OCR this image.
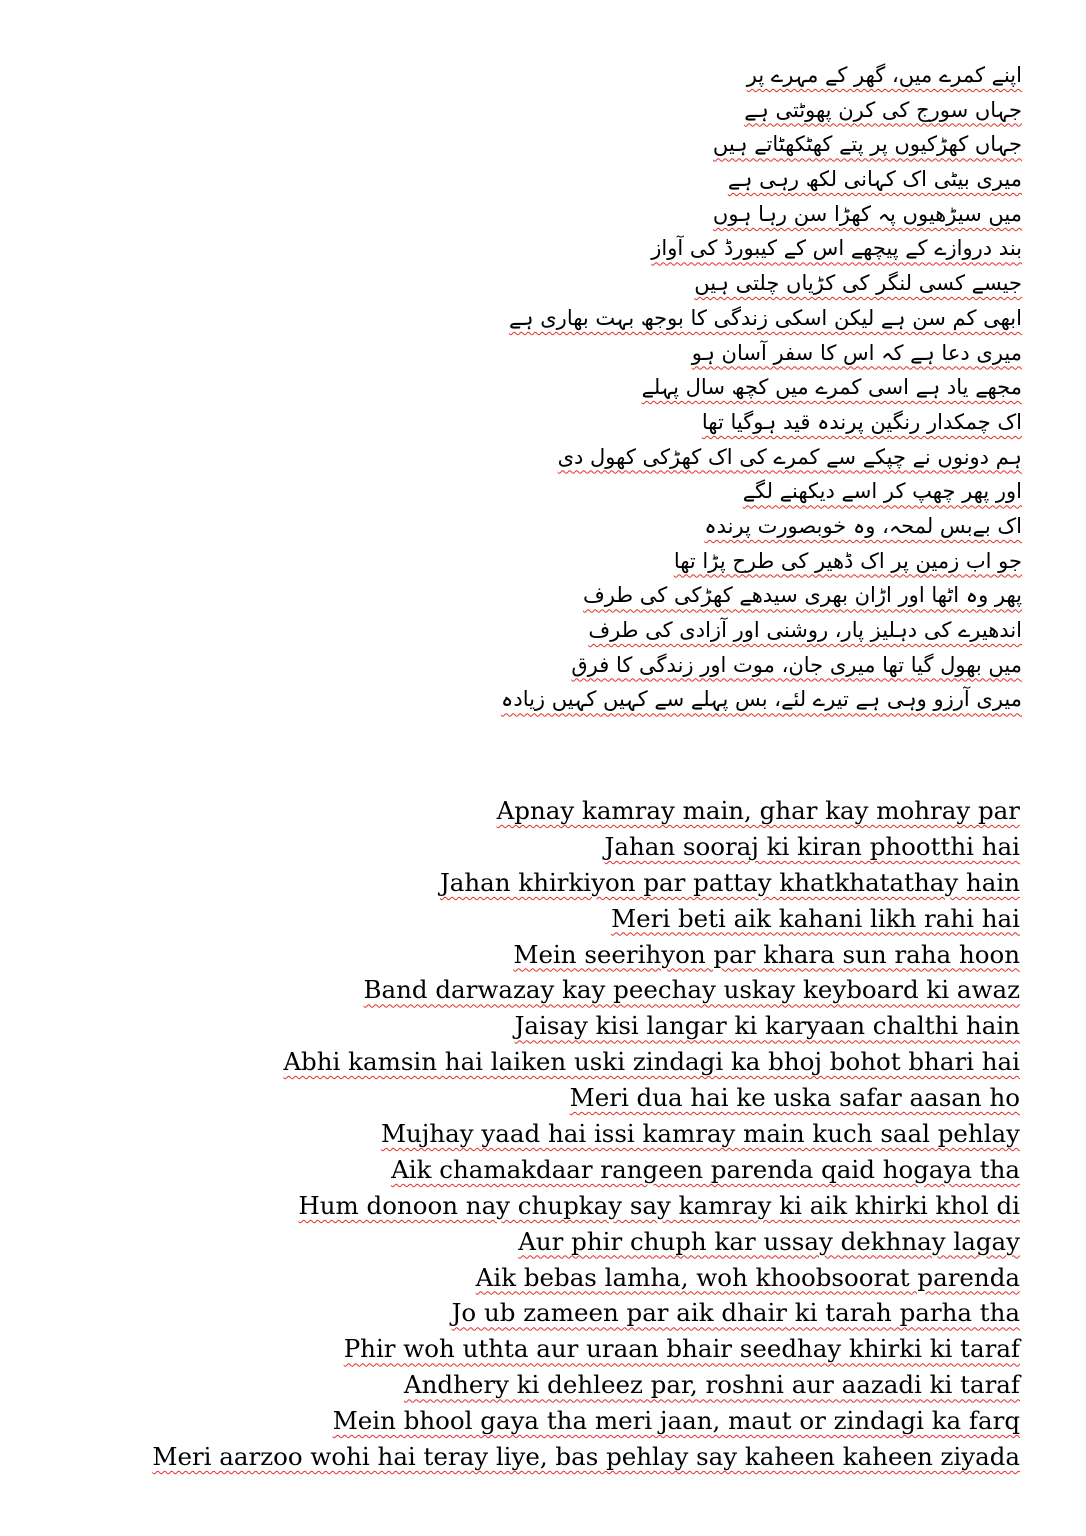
اپنے کمرے میں، گھر کے مہرے پر
جہاں سورج کی کرن پھوٹتی ہے
جہاں کھڑکیوں پر پتے کھٹکھٹاتے ہیں
میری بیٹی اک کہانی لکھ رہی ہے
میں سیڑھیوں پہ کھڑا سن رہا ہوں
بند دروازے کے پیچھے اس کے کیبورڈ کی آواز
جیسے کسی لنگر کی کڑیاں چلتی ہیں
ابھی کم سن ہے لیکن اسکی زندگی کا بوجھ بہت بھاری ہے
میری دعا ہے کہ اس کا سفر آسان ہو
مجھے یاد ہے اسی کمرے میں کچھ سال پہلے
اک چمکدار رنگین پرندہ قید ہوگیا تھا
ہم دونوں نے چپکے سے کمرے کی اک کھڑکی کھول دی
اور پھر چھپ کر اسے دیکھنے لگے
اک بےبس لمحہ، وہ خوبصورت پرندہ
جو اب زمین پر اک ڈھیر کی طرح پڑا تھا
پھر وہ اٹھا اور اڑان بھری سیدھے کھڑکی کی طرف
اندھیرے کی دہلیز پار، روشنی اور آزادی کی طرف
میں بھول گیا تھا میری جان، موت اور زندگی کا فرق
میری آرزو وہی ہے تیرے لئے، بس پہلے سے کہیں کہیں زیادہ
Apnay kamray main, ghar kay mohray par
Jahan sooraj ki kiran phootthi hai
Jahan khirkiyon par pattay khatkhatathay hain
Meri beti aik kahani likh rahi hai
Mein seerihyon par khara sun raha hoon
Band darwazay kay peechay uskay keyboard ki awaz
Jaisay kisi langar ki karyaan chalthi hain
Abhi kamsin hai laiken uski zindagi ka bhoj bohot bhari hai
Meri dua hai ke uska safar aasan ho
Mujhay yaad hai issi kamray main kuch saal pehlay
Aik chamakdaar rangeen parenda qaid hogaya tha
Hum donoon nay chupkay say kamray ki aik khirki khol di
Aur phir chuph kar ussay dekhnay lagay
Aik bebas lamha, woh khoobsoorat parenda
Jo ub zameen par aik dhair ki tarah parha tha
Phir woh uthta aur uraan bhair seedhay khirki ki taraf
Andhery ki dehleez par, roshni aur aazadi ki taraf
Mein bhool gaya tha meri jaan, maut or zindagi ka farq
Meri aarzoo wohi hai teray liye, bas pehlay say kaheen kaheen ziyada
